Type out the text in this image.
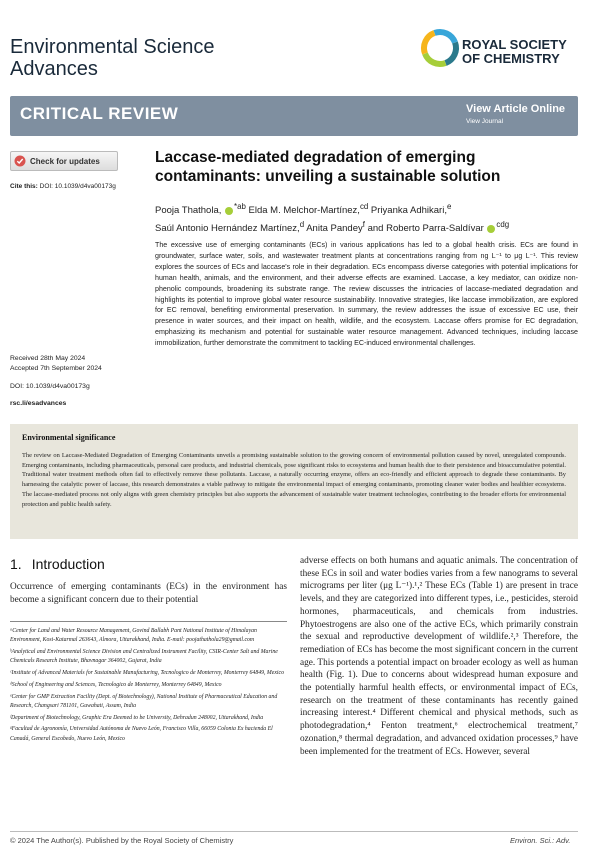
Environmental Science
Advances
ROYAL SOCIETY
OF CHEMISTRY
CRITICAL REVIEW	View Article Online
View Journal
Check for updates
Cite this: DOI: 10.1039/d4va00173g
Laccase-mediated degradation of emerging contaminants: unveiling a sustainable solution
Pooja Thathola, $^{*ab}$ Elda M. Melchor-Martínez,$^{cd}$ Priyanka Adhikari,$^e$
Saúl Antonio Hernández Martínez,$^d$ Anita Pandey$^f$ and Roberto Parra-Saldívar $^{cdg}$
The excessive use of emerging contaminants (ECs) in various applications has led to a global health crisis. ECs are found in groundwater, surface water, soils, and wastewater treatment plants at concentrations ranging from ng L⁻¹ to μg L⁻¹. This review explores the sources of ECs and laccase's role in their degradation. ECs encompass diverse categories with potential implications for human health, animals, and the environment, and their adverse effects are examined. Laccase, a key mediator, can oxidize non-phenolic compounds, broadening its substrate range. The review discusses the intricacies of laccase-mediated degradation and highlights its potential to improve global water resource sustainability. Innovative strategies, like laccase immobilization, are explored for EC removal, benefiting environmental preservation. In summary, the review addresses the issue of excessive EC use, their presence in water sources, and their impact on health, wildlife, and the ecosystem. Laccase offers promise for EC degradation, emphasizing its mechanism and potential for sustainable water resource management. Advanced techniques, including laccase immobilization, further demonstrate the commitment to tackling EC-induced environmental challenges.
Received 28th May 2024
Accepted 7th September 2024
DOI: 10.1039/d4va00173g
rsc.li/esadvances
Environmental significance
The review on Laccase-Mediated Degradation of Emerging Contaminants unveils a promising sustainable solution to the growing concern of environmental pollution caused by novel, unregulated compounds. Emerging contaminants, including pharmaceuticals, personal care products, and industrial chemicals, pose significant risks to ecosystems and human health due to their persistence and bioaccumulative potential. Traditional water treatment methods often fail to effectively remove these pollutants. Laccase, a naturally occurring enzyme, offers an eco-friendly and efficient approach to degrade these contaminants. By harnessing the catalytic power of laccase, this research demonstrates a viable pathway to mitigate the environmental impact of emerging contaminants, promoting cleaner water bodies and healthier ecosystems. The laccase-mediated process not only aligns with green chemistry principles but also supports the advancement of sustainable water treatment technologies, contributing to the broader efforts for environmental protection and public health safety.
1. Introduction
Occurrence of emerging contaminants (ECs) in the environment has become a significant concern due to their potential

ᵃCenter for Land and Water Resource Management, Govind Ballabh Pant National Institute of Himalayan Environment, Kosi-Katarmal 263643, Almora, Uttarakhand, India. E-mail: poojathathola29@gmail.com

ᵇAnalytical and Environmental Science Division and Centralized Instrument Facility, CSIR-Center Salt and Marine Chemicals Research Institute, Bhavnagar 364002, Gujarat, India

ᶜInstitute of Advanced Materials for Sustainable Manufacturing, Tecnologico de Monterrey, Monterrey 64849, Mexico

ᵈSchool of Engineering and Sciences, Tecnologico de Monterrey, Monterrey 64849, Mexico

ᵉCenter for GMP Extraction Facility (Dept. of Biotechnology), National Institute of Pharmaceutical Education and Research, Changsari 781101, Guwahati, Assam, India

ᶠDepartment of Biotechnology, Graphic Era Deemed to be University, Dehradun 248002, Uttarakhand, India

ᵍFacultad de Agronomía, Universidad Autónoma de Nuevo León, Francisco Villa, 66059 Colonia Ex hacienda El Canadá, General Escobedo, Nuevo León, Mexico

adverse effects on both humans and aquatic animals. The concentration of these ECs in soil and water bodies varies from a few nanograms to several micrograms per liter (μg L⁻¹).¹,² These ECs (Table 1) are present in trace levels, and they are categorized into different types, i.e., pesticides, steroid hormones, pharmaceuticals, and chemicals from industries. Phytoestrogens are also one of the active ECs, which primarily constrain the sexual and reproductive development of wildlife.²,³ Therefore, the remediation of ECs has become the most significant concern in the current age. This portends a potential impact on broader ecology as well as human health (Fig. 1). Due to concerns about widespread human exposure and the potentially harmful health effects, or environmental impact of ECs, research on the treatment of these contaminants has recently gained increasing interest.⁴ Different chemical and physical methods, such as photodegradation,⁴ Fenton treatment,⁶ electrochemical treatment,⁷ ozonation,⁸ thermal degradation, and advanced oxidation processes,⁹ have been implemented for the treatment of ECs. However, several
© 2024 The Author(s). Published by the Royal Society of Chemistry	Environ. Sci.: Adv.
